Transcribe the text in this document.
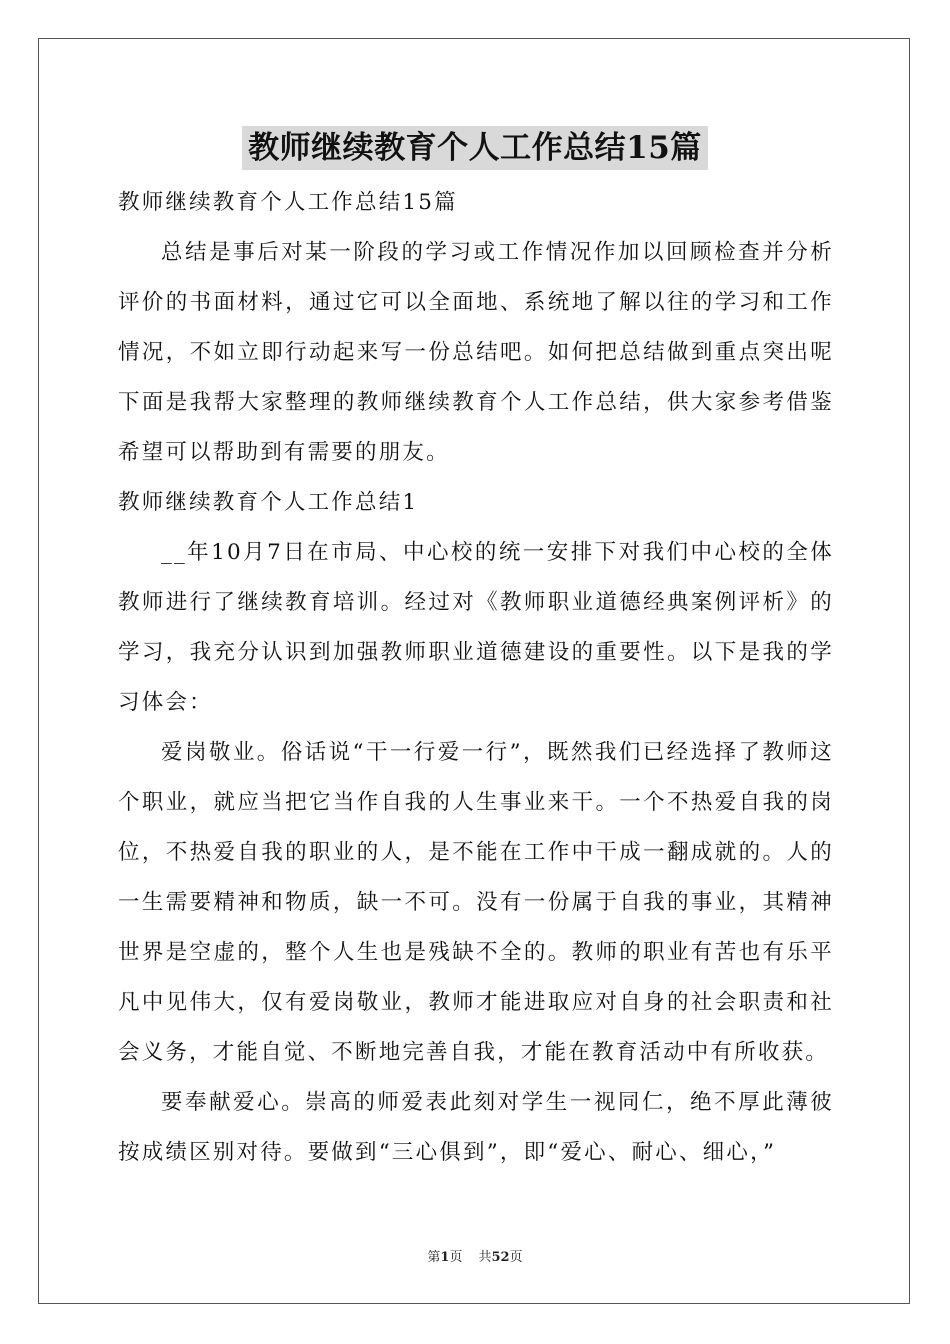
教师继续教育个人工作总结15篇

教师继续教育个人工作总结15篇

总结是事后对某一阶段的学习或工作情况作加以回顾检查并分析评价的书面材料，通过它可以全面地、系统地了解以往的学习和工作情况，不如立即行动起来写一份总结吧。如何把总结做到重点突出呢下面是我帮大家整理的教师继续教育个人工作总结，供大家参考借鉴希望可以帮助到有需要的朋友。

教师继续教育个人工作总结1

__年10月7日在市局、中心校的统一安排下对我们中心校的全体教师进行了继续教育培训。经过对《教师职业道德经典案例评析》的学习，我充分认识到加强教师职业道德建设的重要性。以下是我的学习体会：

爱岗敬业。俗话说“干一行爱一行”，既然我们已经选择了教师这个职业，就应当把它当作自我的人生事业来干。一个不热爱自我的岗位，不热爱自我的职业的人，是不能在工作中干成一翻成就的。人的一生需要精神和物质，缺一不可。没有一份属于自我的事业，其精神世界是空虚的，整个人生也是残缺不全的。教师的职业有苦也有乐平凡中见伟大，仅有爱岗敬业，教师才能进取应对自身的社会职责和社会义务，才能自觉、不断地完善自我，才能在教育活动中有所收获。

要奉献爱心。崇高的师爱表此刻对学生一视同仁，绝不厚此薄彼按成绩区别对待。要做到“三心俱到”，即“爱心、耐心、细心，”

第1页 共52页
